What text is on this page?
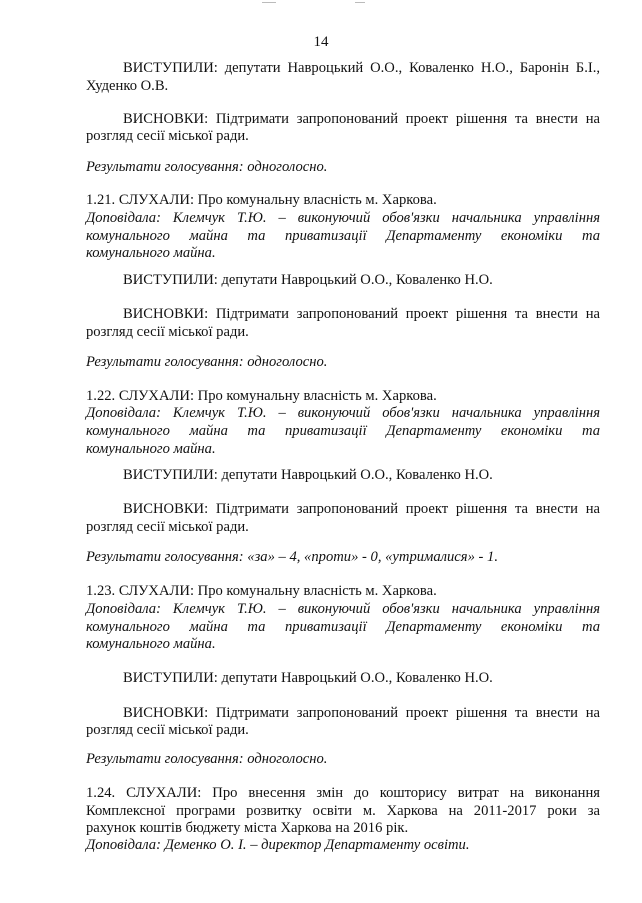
14
ВИСТУПИЛИ: депутати Навроцький О.О., Коваленко Н.О., Баронін Б.І.,
Худенко О.В.
ВИСНОВКИ: Підтримати запропонований проект рішення та внести на
розгляд сесії міської ради.
Результати голосування: одноголосно.
1.21. СЛУХАЛИ: Про комунальну власність м. Харкова.
Доповідала: Клемчук Т.Ю. – виконуючий обов'язки начальника управління
комунального майна та приватизації Департаменту економіки та
комунального майна.
ВИСТУПИЛИ: депутати Навроцький О.О., Коваленко Н.О.
ВИСНОВКИ: Підтримати запропонований проект рішення та внести на
розгляд сесії міської ради.
Результати голосування: одноголосно.
1.22. СЛУХАЛИ: Про комунальну власність м. Харкова.
Доповідала: Клемчук Т.Ю. – виконуючий обов'язки начальника управління
комунального майна та приватизації Департаменту економіки та
комунального майна.
ВИСТУПИЛИ: депутати Навроцький О.О., Коваленко Н.О.
ВИСНОВКИ: Підтримати запропонований проект рішення та внести на
розгляд сесії міської ради.
Результати голосування: «за» – 4, «проти» - 0, «утрималися» - 1.
1.23. СЛУХАЛИ: Про комунальну власність м. Харкова.
Доповідала: Клемчук Т.Ю. – виконуючий обов'язки начальника управління
комунального майна та приватизації Департаменту економіки та
комунального майна.
ВИСТУПИЛИ: депутати Навроцький О.О., Коваленко Н.О.
ВИСНОВКИ: Підтримати запропонований проект рішення та внести на
розгляд сесії міської ради.
Результати голосування: одноголосно.
1.24. СЛУХАЛИ: Про внесення змін до кошторису витрат на виконання
Комплексної програми розвитку освіти м. Харкова на 2011-2017 роки за
рахунок коштів бюджету міста Харкова на 2016 рік.
Доповідала: Деменко О. І. – директор Департаменту освіти.
